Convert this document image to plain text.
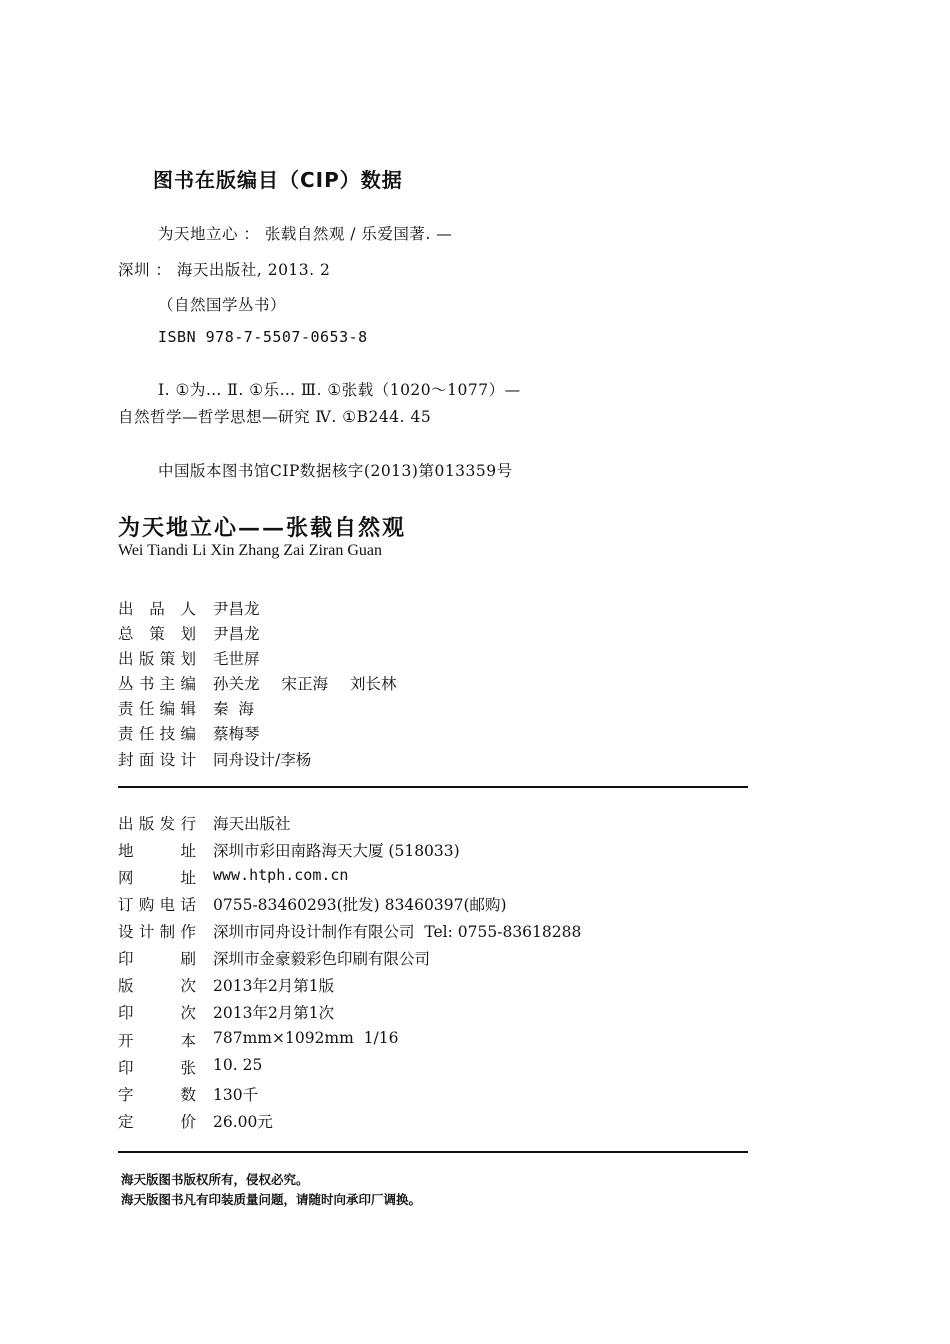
图书在版编目（CIP）数据
为天地立心 ： 张载自然观 / 乐爱国著. —
深圳 ： 海天出版社, 2013. 2
（自然国学丛书）
ISBN 978-7-5507-0653-8
Ⅰ. ①为… Ⅱ. ①乐… Ⅲ. ①张载（1020～1077）—
自然哲学—哲学思想—研究 Ⅳ. ①B244. 45
中国版本图书馆CIP数据核字(2013)第013359号
为天地立心——张载自然观
Wei Tiandi Li Xin Zhang Zai Ziran Guan
出品人 尹昌龙
总策划 尹昌龙
出版策划 毛世屏
丛书主编 孙关龙 宋正海 刘长林
责任编辑 秦  海
责任技编 蔡梅琴
封面设计 同舟设计/李杨
出版发行 海天出版社
地址 深圳市彩田南路海天大厦 (518033)
网址 www.htph.com.cn
订购电话 0755-83460293(批发) 83460397(邮购)
设计制作 深圳市同舟设计制作有限公司  Tel: 0755-83618288
印刷 深圳市金豪毅彩色印刷有限公司
版次 2013年2月第1版
印次 2013年2月第1次
开本 787mm×1092mm  1/16
印张 10. 25
字数 130千
定价 26.00元
海天版图书版权所有，侵权必究。
海天版图书凡有印装质量问题，请随时向承印厂调换。
